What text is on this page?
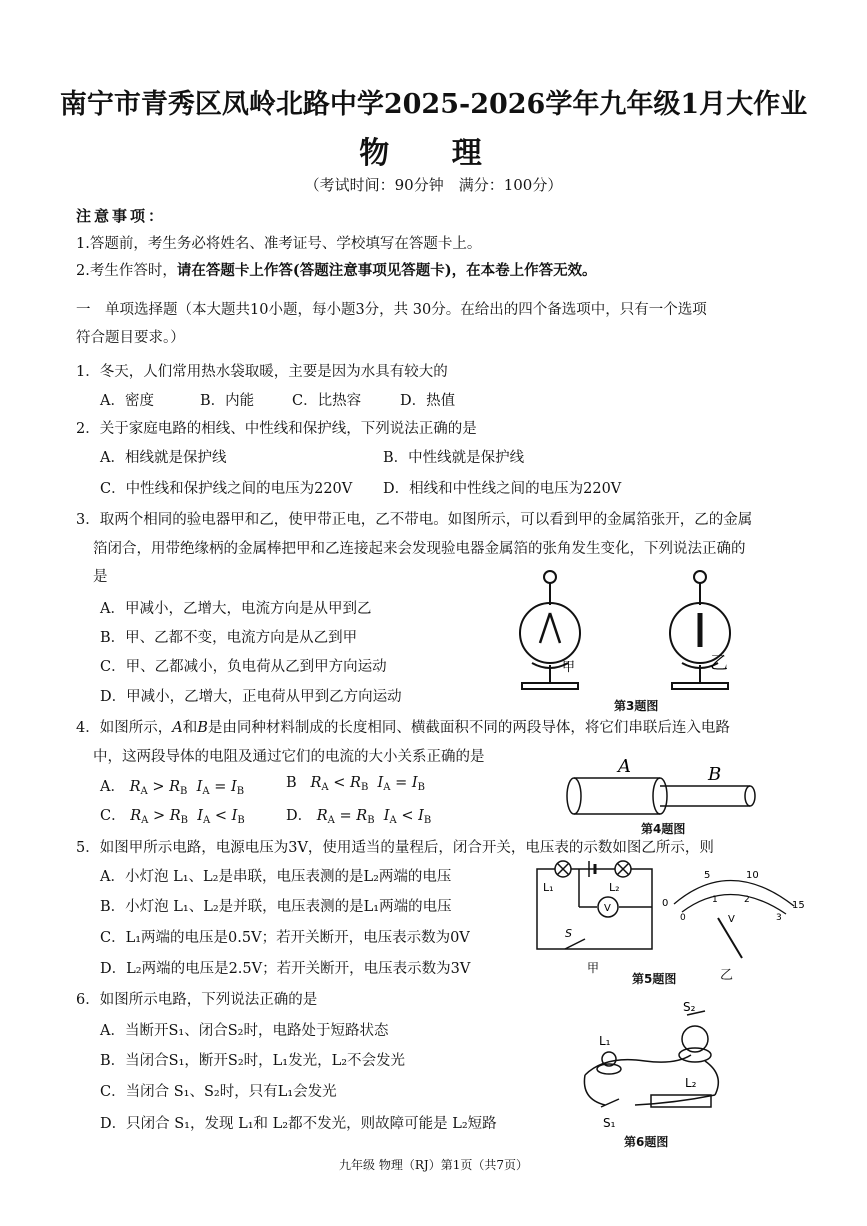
南宁市青秀区凤岭北路中学2025-2026学年九年级1月大作业
物 理
（考试时间：90分钟　满分：100分）
注意事项：
1.答题前，考生务必将姓名、准考证号、学校填写在答题卡上。
2.考生作答时，请在答题卡上作答(答题注意事项见答题卡)，在本卷上作答无效。
一　单项选择题（本大题共10小题，每小题3分，共 30分。在给出的四个备选项中，只有一个选项
符合题目要求。）
1．冬天，人们常用热水袋取暖，主要是因为水具有较大的
A．密度	B．内能	C．比热容	D．热值
2．关于家庭电路的相线、中性线和保护线，下列说法正确的是
A．相线就是保护线	B．中性线就是保护线
C．中性线和保护线之间的电压为220V D．相线和中性线之间的电压为220V
3．取两个相同的验电器甲和乙，使甲带正电，乙不带电。如图所示，可以看到甲的金属箔张开，乙的金属
箔闭合，用带绝缘柄的金属棒把甲和乙连接起来会发现验电器金属箔的张角发生变化，下列说法正确的
是
A．甲减小，乙增大，电流方向是从甲到乙
B．甲、乙都不变，电流方向是从乙到甲
C．甲、乙都减小，负电荷从乙到甲方向运动
D．甲减小，乙增大，正电荷从甲到乙方向运动
甲	乙
第3题图
4．如图所示，A和B是由同种材料制成的长度相同、横截面积不同的两段导体，将它们串联后连入电路
中，这两段导体的电阻及通过它们的电流的大小关系正确的是
A． $R_A > R_B$ $I_A = I_B$
B $R_A < R_B$ $I_A = I_B$
C． $R_A > R_B$ $I_A < I_B$	D． $R_A = R_B$ $I_A < I_B$
A	B
第4题图
5．如图甲所示电路，电源电压为3V，使用适当的量程后，闭合开关，电压表的示数如图乙所示，则
A．小灯泡 L₁、L₂是串联，电压表测的是L₂两端的电压
B．小灯泡 L₁、L₂是并联，电压表测的是L₁两端的电压
C．L₁两端的电压是0.5V；若开关断开，电压表示数为0V
D．L₂两端的电压是2.5V；若开关断开，电压表示数为3V
L₁	L₂
V
S
甲
0
5	10
15
0
1	2
3
V
第5题图	乙
6．如图所示电路，下列说法正确的是
A．当断开S₁、闭合S₂时，电路处于短路状态
B．当闭合S₁，断开S₂时，L₁发光，L₂不会发光
C．当闭合 S₁、S₂时，只有L₁会发光
D．只闭合 S₁，发现 L₁和 L₂都不发光，则故障可能是 L₂短路
L₁
S₂
L₂
S₁
第6题图
九年级 物理（RJ）第1页（共7页）
